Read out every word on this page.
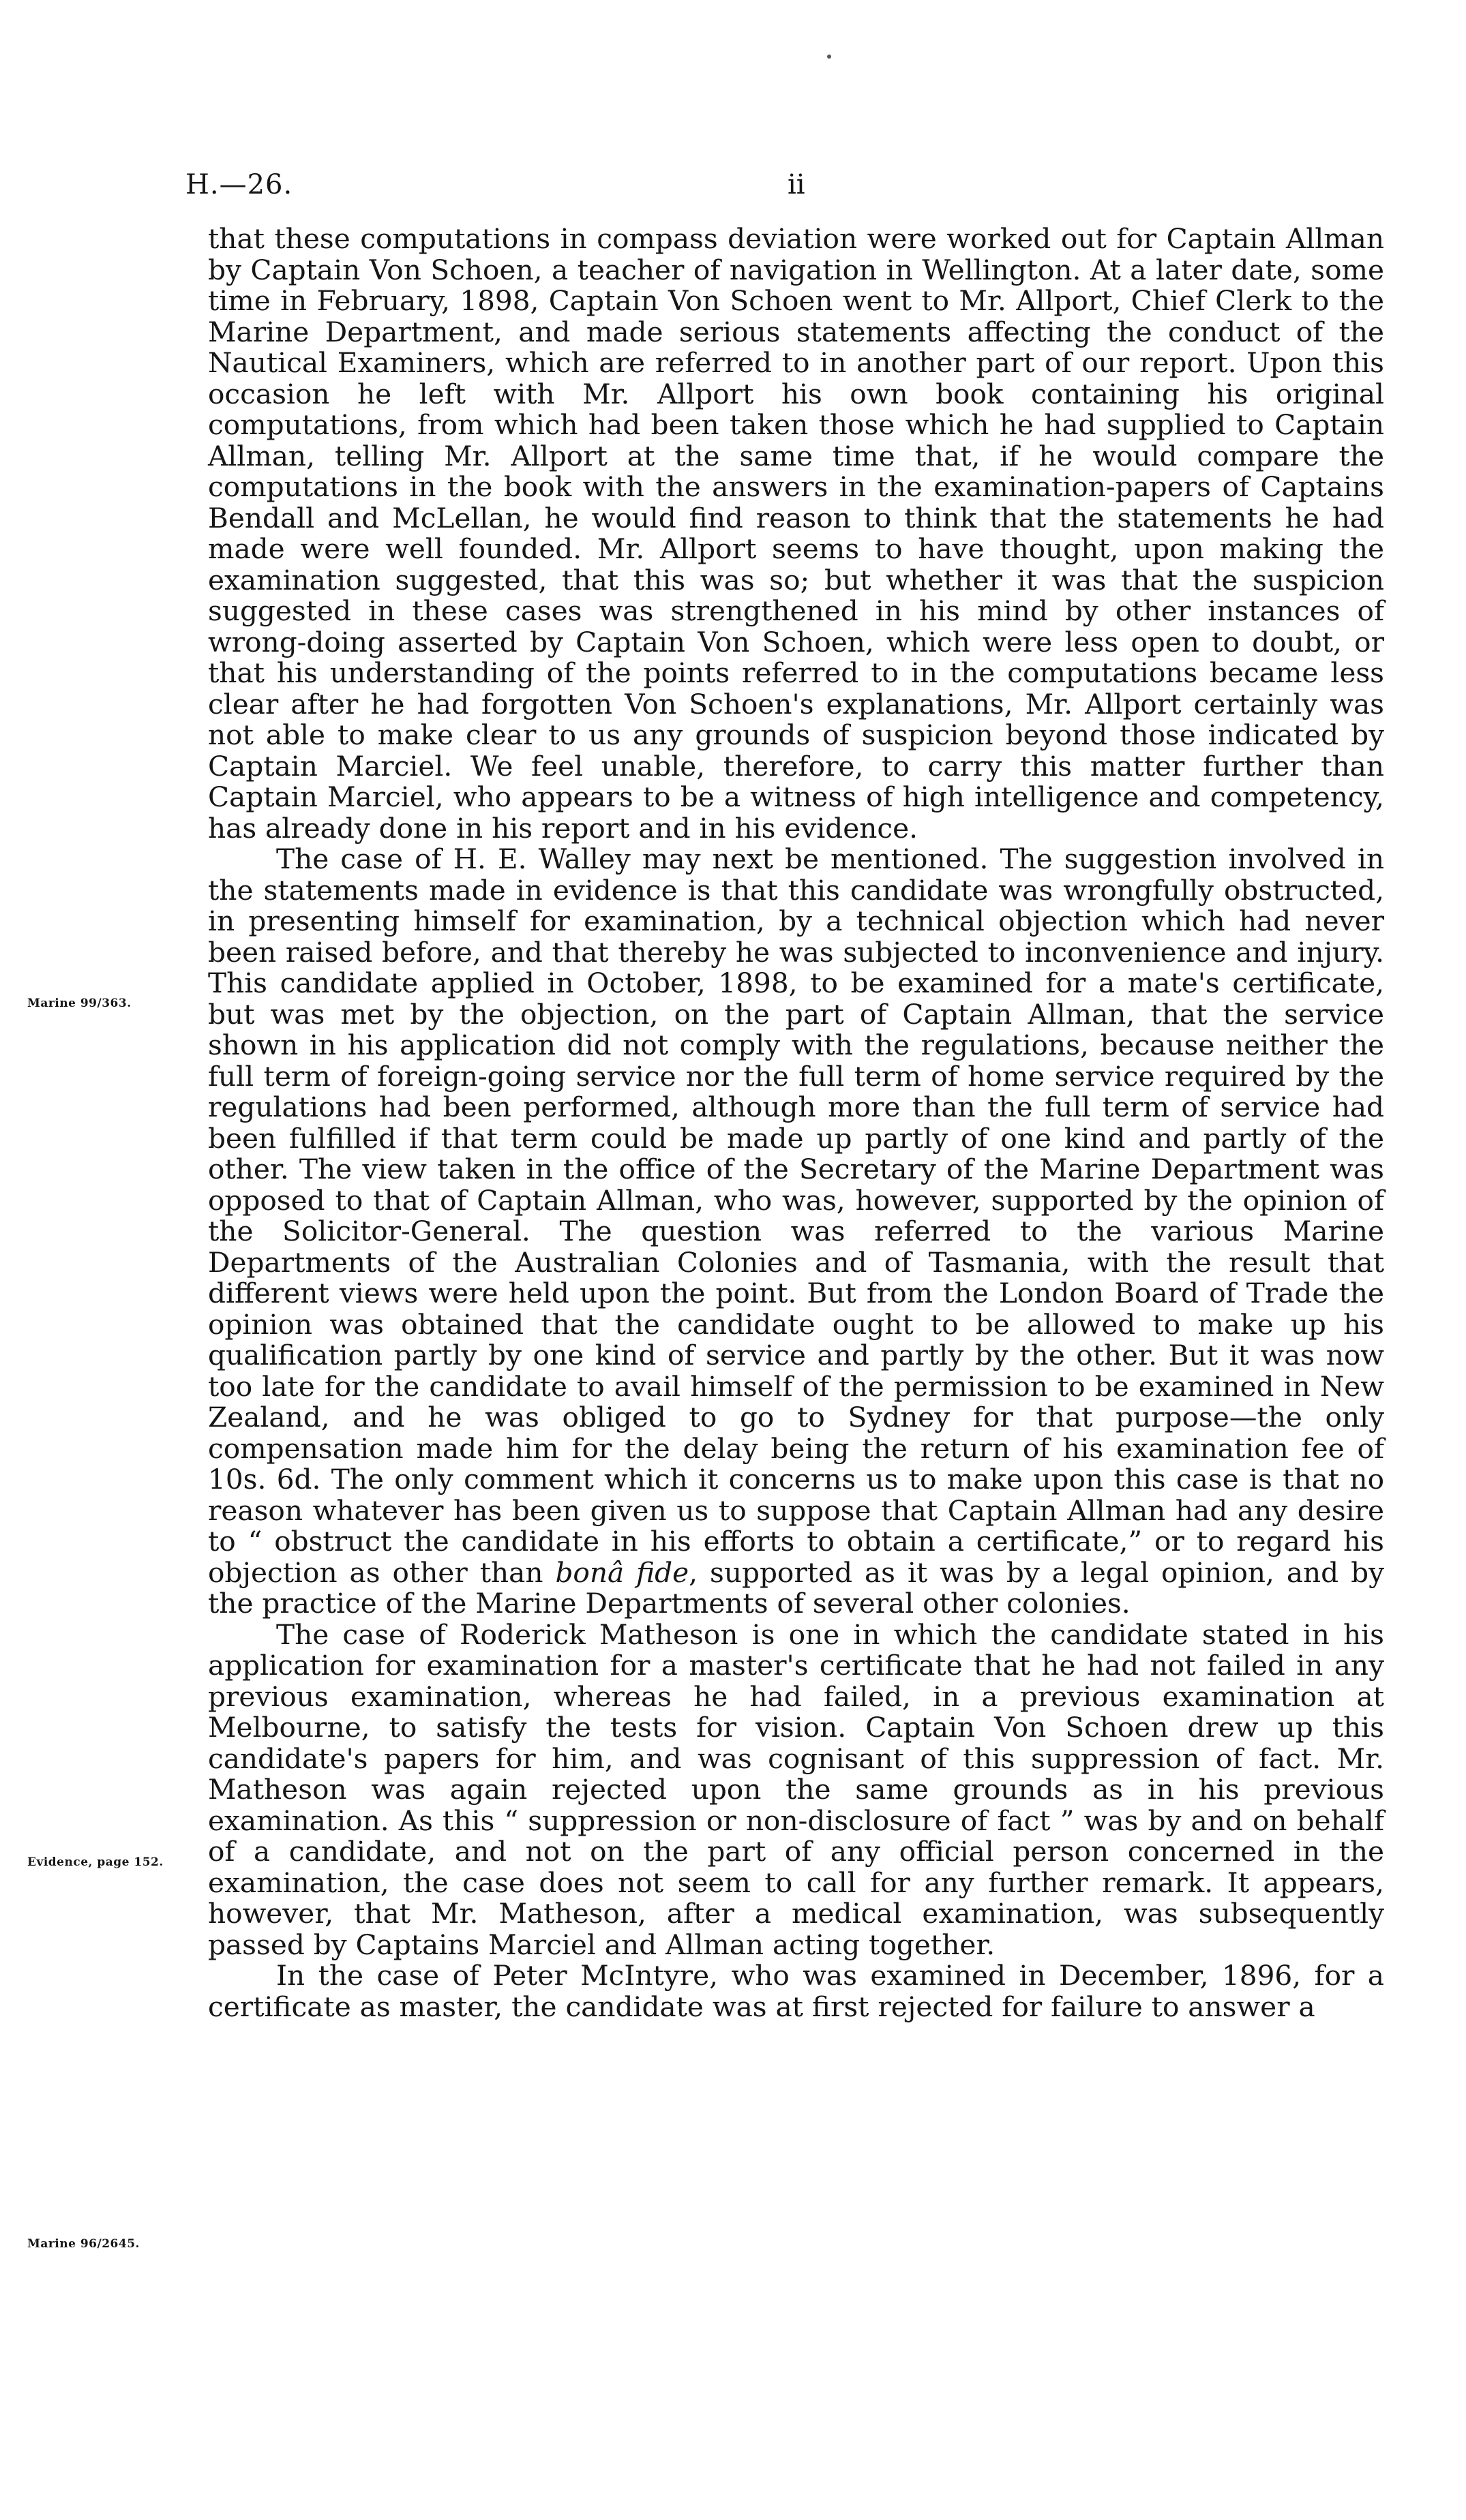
H.—26.	ii
Marine 99/363.
Evidence, page 152.
Marine 96/2645.

that these computations in compass deviation were worked out for Captain Allman by Captain Von Schoen, a teacher of navigation in Wellington. At a later date, some time in February, 1898, Captain Von Schoen went to Mr. Allport, Chief Clerk to the Marine Department, and made serious statements affecting the conduct of the Nautical Examiners, which are referred to in another part of our report. Upon this occasion he left with Mr. Allport his own book containing his original computations, from which had been taken those which he had supplied to Captain Allman, telling Mr. Allport at the same time that, if he would compare the computations in the book with the answers in the examination-papers of Captains Bendall and McLellan, he would find reason to think that the statements he had made were well founded. Mr. Allport seems to have thought, upon making the examination suggested, that this was so; but whether it was that the suspicion suggested in these cases was strengthened in his mind by other instances of wrong-doing asserted by Captain Von Schoen, which were less open to doubt, or that his understanding of the points referred to in the computations became less clear after he had forgotten Von Schoen's explanations, Mr. Allport certainly was not able to make clear to us any grounds of suspicion beyond those indicated by Captain Marciel. We feel unable, therefore, to carry this matter further than Captain Marciel, who appears to be a witness of high intelligence and competency, has already done in his report and in his evidence.

The case of H. E. Walley may next be mentioned. The suggestion involved in the statements made in evidence is that this candidate was wrongfully obstructed, in presenting himself for examination, by a technical objection which had never been raised before, and that thereby he was subjected to inconvenience and injury. This candidate applied in October, 1898, to be examined for a mate's certificate, but was met by the objection, on the part of Captain Allman, that the service shown in his application did not comply with the regulations, because neither the full term of foreign-going service nor the full term of home service required by the regulations had been performed, although more than the full term of service had been fulfilled if that term could be made up partly of one kind and partly of the other. The view taken in the office of the Secretary of the Marine Department was opposed to that of Captain Allman, who was, however, supported by the opinion of the Solicitor-General. The question was referred to the various Marine Departments of the Australian Colonies and of Tasmania, with the result that different views were held upon the point. But from the London Board of Trade the opinion was obtained that the candidate ought to be allowed to make up his qualification partly by one kind of service and partly by the other. But it was now too late for the candidate to avail himself of the permission to be examined in New Zealand, and he was obliged to go to Sydney for that purpose—the only compensation made him for the delay being the return of his examination fee of 10s. 6d. The only comment which it concerns us to make upon this case is that no reason whatever has been given us to suppose that Captain Allman had any desire to “ obstruct the candidate in his efforts to obtain a certificate,” or to regard his objection as other than bonâ fide, supported as it was by a legal opinion, and by the practice of the Marine Departments of several other colonies.

The case of Roderick Matheson is one in which the candidate stated in his application for examination for a master's certificate that he had not failed in any previous examination, whereas he had failed, in a previous examination at Melbourne, to satisfy the tests for vision. Captain Von Schoen drew up this candidate's papers for him, and was cognisant of this suppression of fact. Mr. Matheson was again rejected upon the same grounds as in his previous examination. As this “ suppression or non-disclosure of fact ” was by and on behalf of a candidate, and not on the part of any official person concerned in the examination, the case does not seem to call for any further remark. It appears, however, that Mr. Matheson, after a medical examination, was subsequently passed by Captains Marciel and Allman acting together.

In the case of Peter McIntyre, who was examined in December, 1896, for a certificate as master, the candidate was at first rejected for failure to answer a
